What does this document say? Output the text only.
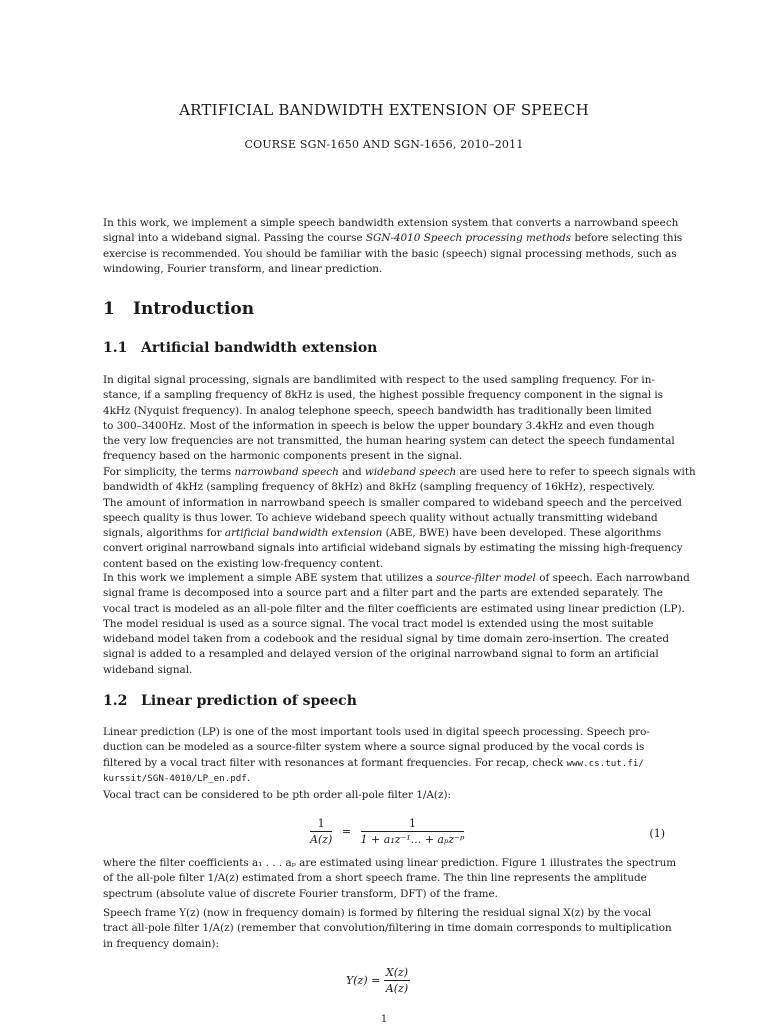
ARTIFICIAL BANDWIDTH EXTENSION OF SPEECH
COURSE SGN-1650 AND SGN-1656, 2010–2011

In this work, we implement a simple speech bandwidth extension system that converts a narrowband speech
signal into a wideband signal. Passing the course SGN-4010 Speech processing methods before selecting this
exercise is recommended. You should be familiar with the basic (speech) signal processing methods, such as
windowing, Fourier transform, and linear prediction.

1 Introduction
1.1 Artificial bandwidth extension

In digital signal processing, signals are bandlimited with respect to the used sampling frequency. For in-
stance, if a sampling frequency of 8kHz is used, the highest possible frequency component in the signal is
4kHz (Nyquist frequency). In analog telephone speech, speech bandwidth has traditionally been limited
to 300–3400Hz. Most of the information in speech is below the upper boundary 3.4kHz and even though
the very low frequencies are not transmitted, the human hearing system can detect the speech fundamental
frequency based on the harmonic components present in the signal.

For simplicity, the terms narrowband speech and wideband speech are used here to refer to speech signals with
bandwidth of 4kHz (sampling frequency of 8kHz) and 8kHz (sampling frequency of 16kHz), respectively.
The amount of information in narrowband speech is smaller compared to wideband speech and the perceived
speech quality is thus lower. To achieve wideband speech quality without actually transmitting wideband
signals, algorithms for artificial bandwidth extension (ABE, BWE) have been developed. These algorithms
convert original narrowband signals into artificial wideband signals by estimating the missing high-frequency
content based on the existing low-frequency content.

In this work we implement a simple ABE system that utilizes a source-filter model of speech. Each narrowband
signal frame is decomposed into a source part and a filter part and the parts are extended separately. The
vocal tract is modeled as an all-pole filter and the filter coefficients are estimated using linear prediction (LP).
The model residual is used as a source signal. The vocal tract model is extended using the most suitable
wideband model taken from a codebook and the residual signal by time domain zero-insertion. The created
signal is added to a resampled and delayed version of the original narrowband signal to form an artificial
wideband signal.

1.2 Linear prediction of speech

Linear prediction (LP) is one of the most important tools used in digital speech processing. Speech pro-
duction can be modeled as a source-filter system where a source signal produced by the vocal cords is
filtered by a vocal tract filter with resonances at formant frequencies. For recap, check www.cs.tut.fi/
kurssit/SGN-4010/LP_en.pdf.

Vocal tract can be considered to be pth order all-pole filter 1/A(z):

$\frac{1}{A(z)} = \frac{1}{\text{1 + a₁z⁻¹... + aₚz⁻ᵖ}}$	(1)

where the filter coefficients a₁ . . . aₚ are estimated using linear prediction. Figure 1 illustrates the spectrum
of the all-pole filter 1/A(z) estimated from a short speech frame. The thin line represents the amplitude
spectrum (absolute value of discrete Fourier transform, DFT) of the frame.

Speech frame Y(z) (now in frequency domain) is formed by filtering the residual signal X(z) by the vocal
tract all-pole filter 1/A(z) (remember that convolution/filtering in time domain corresponds to multiplication
in frequency domain):

$Y(z) = \frac{X(z)}{A(z)}$
1
